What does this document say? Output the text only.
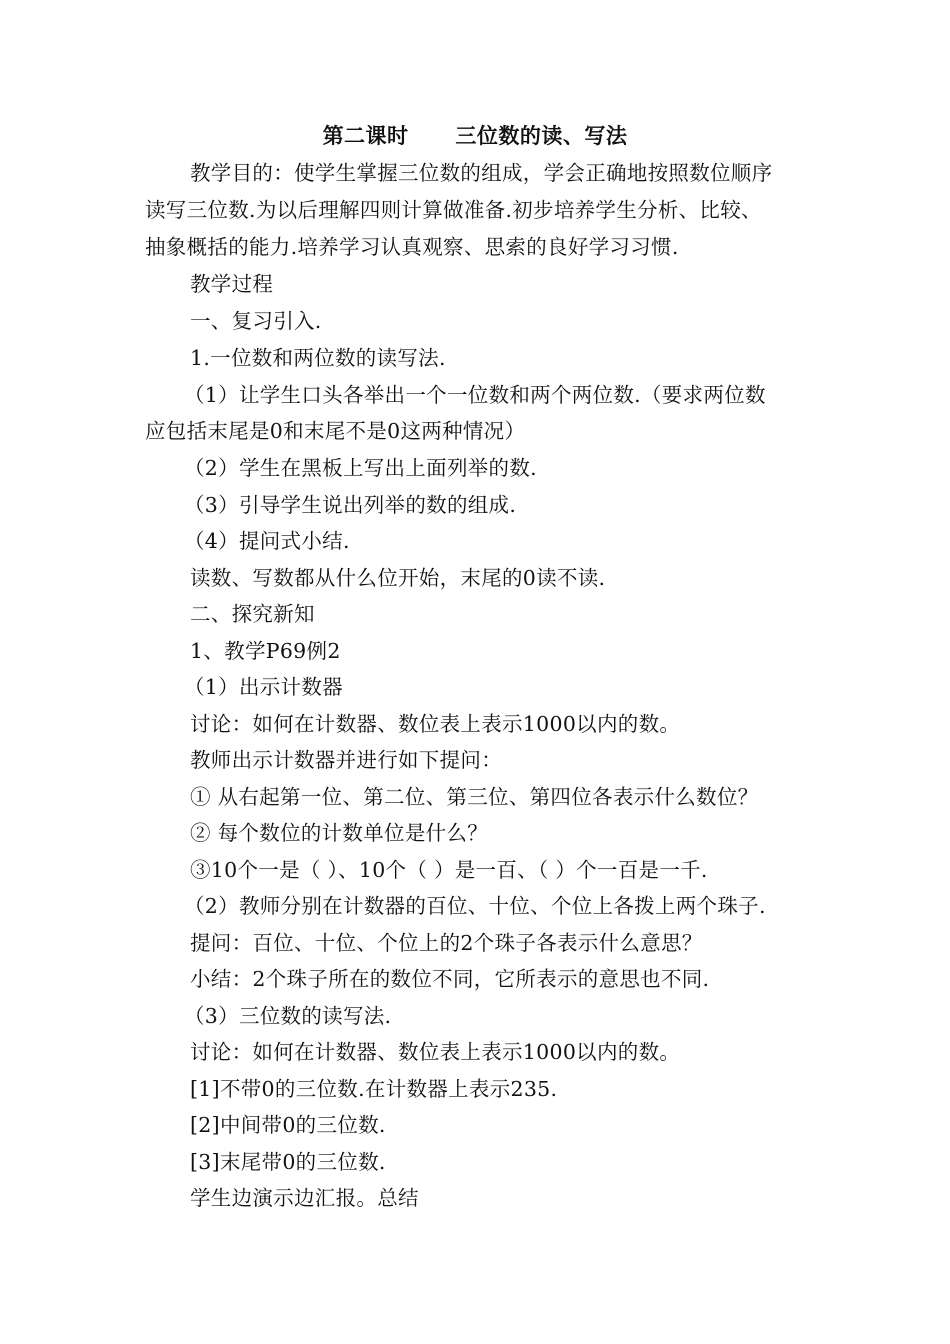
第二课时      三位数的读、写法
教学目的：使学生掌握三位数的组成，学会正确地按照数位顺序
读写三位数.为以后理解四则计算做准备.初步培养学生分析、比较、
抽象概括的能力.培养学习认真观察、思索的良好学习习惯.
教学过程
一、复习引入.
1.一位数和两位数的读写法.
（1）让学生口头各举出一个一位数和两个两位数.（要求两位数
应包括末尾是0和末尾不是0这两种情况）
（2）学生在黑板上写出上面列举的数.
（3）引导学生说出列举的数的组成.
（4）提问式小结.
读数、写数都从什么位开始，末尾的0读不读.
二、探究新知
1、教学P69例2
（1）出示计数器
讨论：如何在计数器、数位表上表示1000以内的数。
教师出示计数器并进行如下提问：
① 从右起第一位、第二位、第三位、第四位各表示什么数位？
② 每个数位的计数单位是什么？
③10个一是（ ）、10个（ ）是一百、（ ）个一百是一千.
（2）教师分别在计数器的百位、十位、个位上各拨上两个珠子.
提问：百位、十位、个位上的2个珠子各表示什么意思？
小结：2个珠子所在的数位不同，它所表示的意思也不同.
（3）三位数的读写法.
讨论：如何在计数器、数位表上表示1000以内的数。
[1]不带0的三位数.在计数器上表示235.
[2]中间带0的三位数.
[3]末尾带0的三位数.
学生边演示边汇报。总结
